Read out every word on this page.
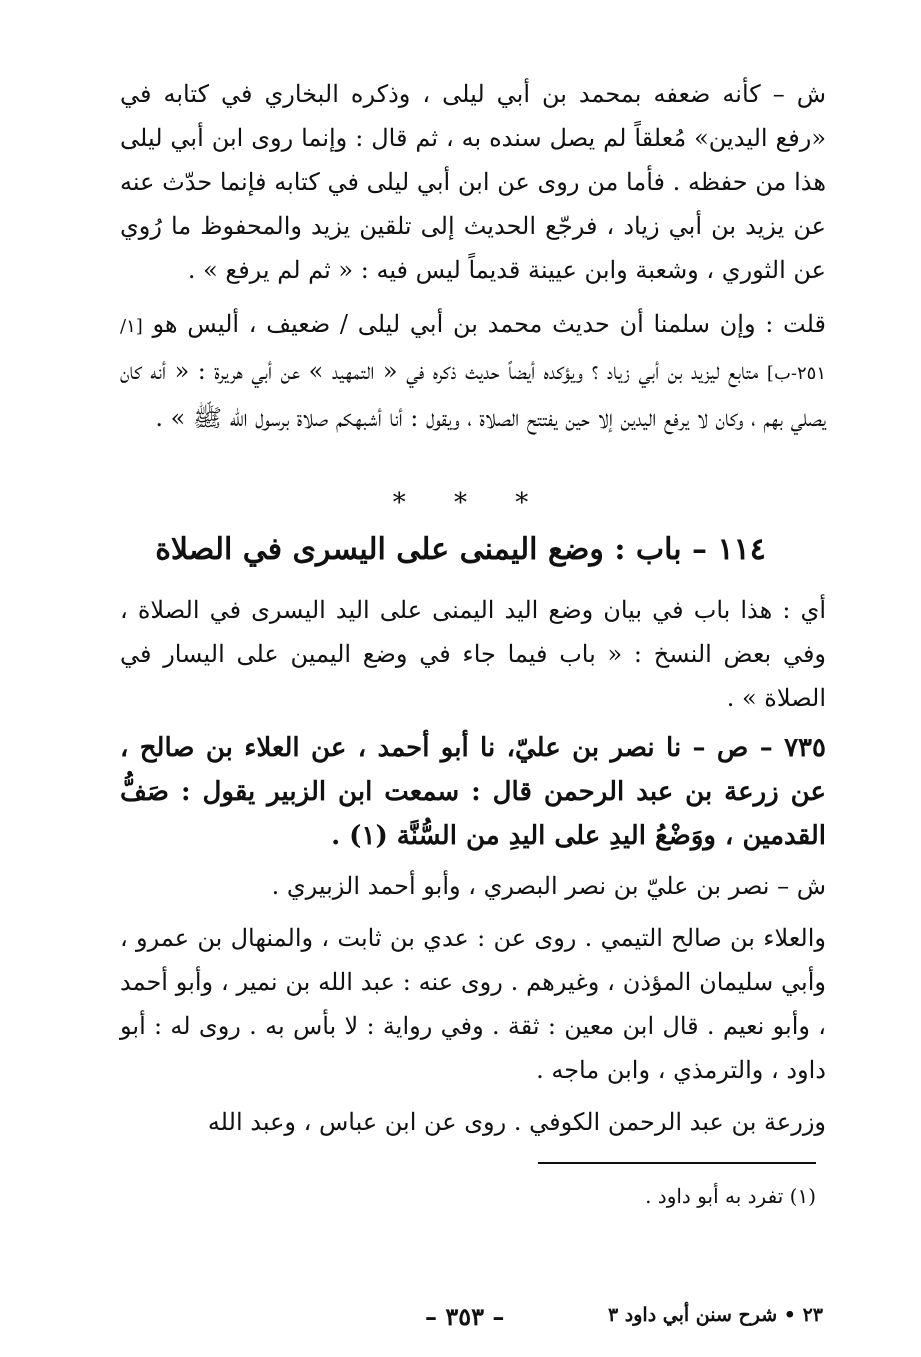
ش – كأنه ضعفه بمحمد بن أبي ليلى ، وذكره البخاري في كتابه في «رفع اليدين» مُعلقاً لم يصل سنده به ، ثم قال : وإنما روى ابن أبي ليلى هذا من حفظه . فأما من روى عن ابن أبي ليلى في كتابه فإنما حدّث عنه عن يزيد بن أبي زياد ، فرجّع الحديث إلى تلقين يزيد والمحفوظ ما رُوي عن الثوري ، وشعبة وابن عيينة قديماً ليس فيه : « ثم لم يرفع » .
قلت : وإن سلمنا أن حديث محمد بن أبي ليلى / ضعيف ، أليس هو [١/ ٢٥١-ب] متابع ليزيد بن أبي زياد ؟ ويؤكده أيضاً حديث ذكره في « التمهيد » عن أبي هريرة : « أنه كان يصلي بهم ، وكان لا يرفع اليدين إلا حين يفتتح الصلاة ، ويقول : أنا أشبهكم صلاة برسول الله ﷺ » .
* * *
١١٤ – باب : وضع اليمنى على اليسرى في الصلاة
أي : هذا باب في بيان وضع اليد اليمنى على اليد اليسرى في الصلاة ، وفي بعض النسخ : « باب فيما جاء في وضع اليمين على اليسار في الصلاة » .
٧٣٥ – ص – نا نصر بن عليّ، نا أبو أحمد ، عن العلاء بن صالح ، عن زرعة بن عبد الرحمن قال : سمعت ابن الزبير يقول : صَفُّ القدمين ، ووَضْعُ اليدِ على اليدِ من السُّنَّة (١) .
ش – نصر بن عليّ بن نصر البصري ، وأبو أحمد الزبيري .
والعلاء بن صالح التيمي . روى عن : عدي بن ثابت ، والمنهال بن عمرو ، وأبي سليمان المؤذن ، وغيرهم . روى عنه : عبد الله بن نمير ، وأبو أحمد ، وأبو نعيم . قال ابن معين : ثقة . وفي رواية : لا بأس به . روى له : أبو داود ، والترمذي ، وابن ماجه .
وزرعة بن عبد الرحمن الكوفي . روى عن ابن عباس ، وعبد الله
(١) تفرد به أبو داود .
– ٣٥٣ –	٢٣ • شرح سنن أبي داود ٣
